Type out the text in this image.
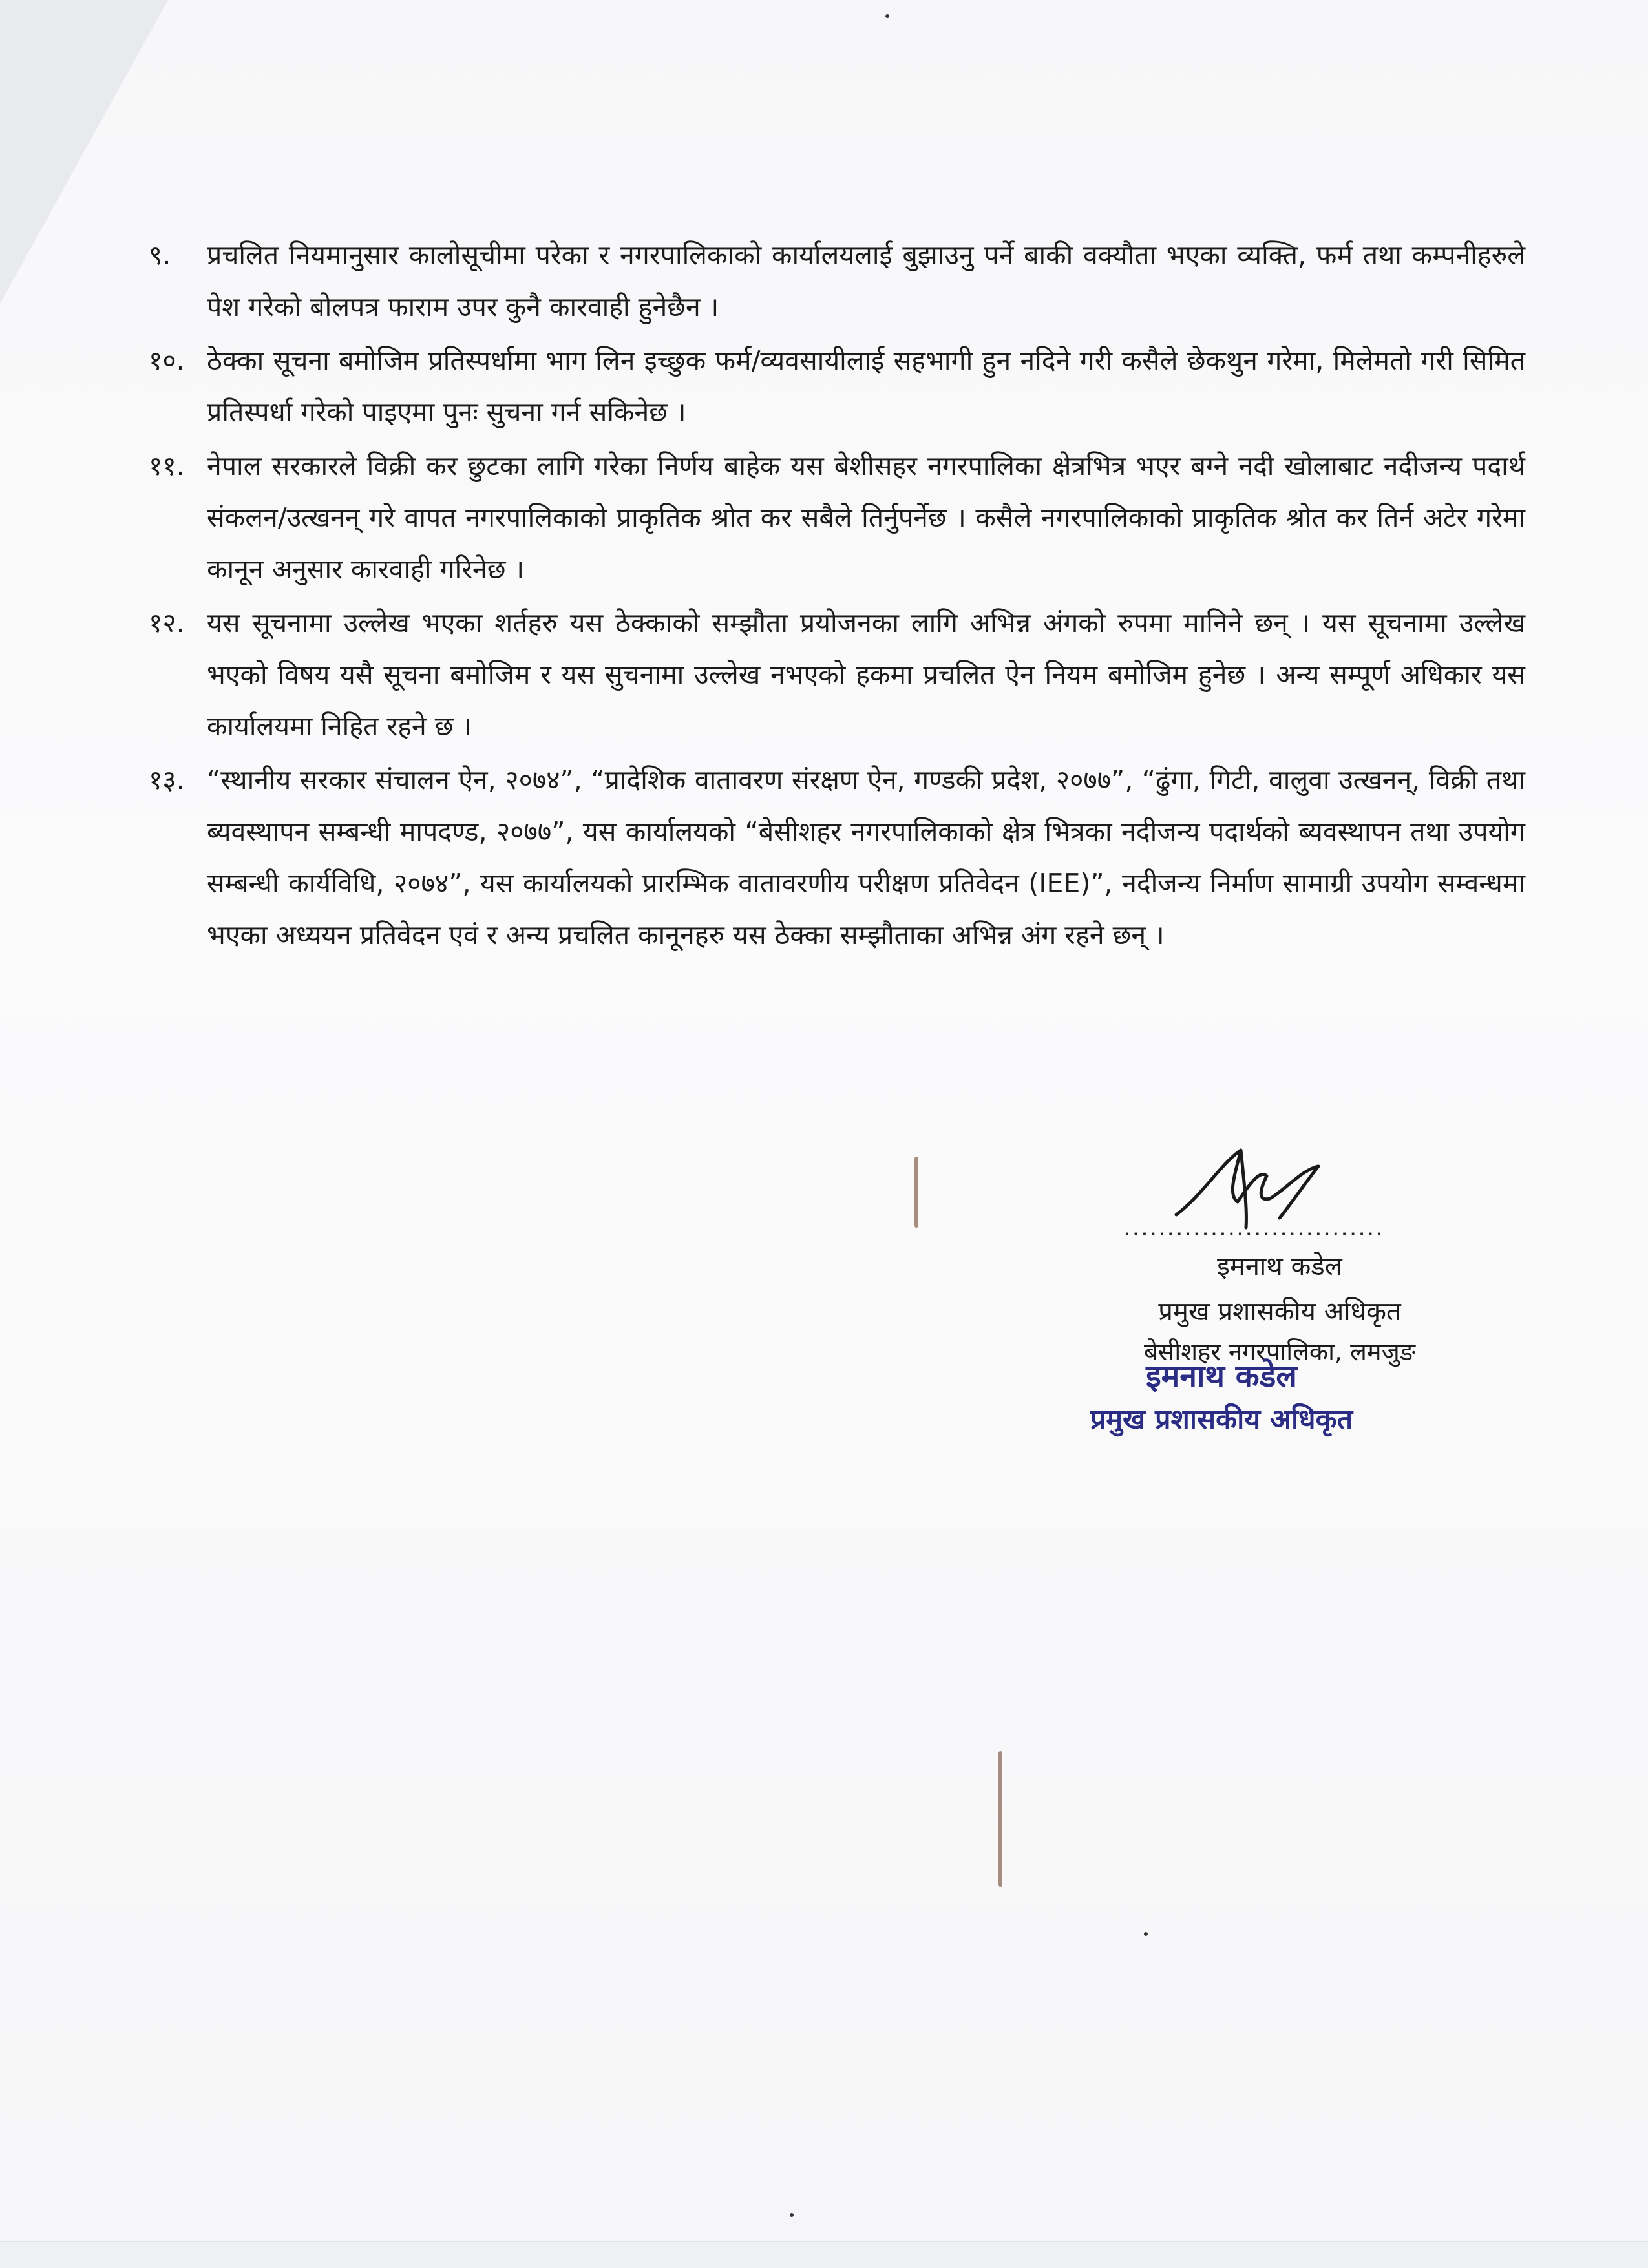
९.	प्रचलित नियमानुसार कालोसूचीमा परेका र नगरपालिकाको कार्यालयलाई बुझाउनु पर्ने बाकी वक्यौता भएका व्यक्ति, फर्म तथा कम्पनीहरुले पेश गरेको बोलपत्र फाराम उपर कुनै कारवाही हुनेछैन ।

१०. ठेक्का सूचना बमोजिम प्रतिस्पर्धामा भाग लिन इच्छुक फर्म/व्यवसायीलाई सहभागी हुन नदिने गरी कसैले छेकथुन गरेमा, मिलेमतो गरी सिमित प्रतिस्पर्धा गरेको पाइएमा पुनः सुचना गर्न सकिनेछ ।

११. नेपाल सरकारले विक्री कर छुटका लागि गरेका निर्णय बाहेक यस बेशीसहर नगरपालिका क्षेत्रभित्र भएर बग्ने नदी खोलाबाट नदीजन्य पदार्थ संकलन/उत्खनन् गरे वापत नगरपालिकाको प्राकृतिक श्रोत कर सबैले तिर्नुपर्नेछ । कसैले नगरपालिकाको प्राकृतिक श्रोत कर तिर्न अटेर गरेमा कानून अनुसार कारवाही गरिनेछ ।

१२. यस सूचनामा उल्लेख भएका शर्तहरु यस ठेक्काको सम्झौता प्रयोजनका लागि अभिन्न अंगको रुपमा मानिने छन् । यस सूचनामा उल्लेख भएको विषय यसै सूचना बमोजिम र यस सुचनामा उल्लेख नभएको हकमा प्रचलित ऐन नियम बमोजिम हुनेछ । अन्य सम्पूर्ण अधिकार यस कार्यालयमा निहित रहने छ ।

१३. “स्थानीय सरकार संचालन ऐन, २०७४”, “प्रादेशिक वातावरण संरक्षण ऐन, गण्डकी प्रदेश, २०७७”, “ढुंगा, गिटी, वालुवा उत्खनन्, विक्री तथा ब्यवस्थापन सम्बन्धी मापदण्ड, २०७७”, यस कार्यालयको “बेसीशहर नगरपालिकाको क्षेत्र भित्रका नदीजन्य पदार्थको ब्यवस्थापन तथा उपयोग सम्बन्धी कार्यविधि, २०७४”, यस कार्यालयको प्रारम्भिक वातावरणीय परीक्षण प्रतिवेदन (IEE)”, नदीजन्य निर्माण सामाग्री उपयोग सम्वन्धमा भएका अध्ययन प्रतिवेदन एवं र अन्य प्रचलित कानूनहरु यस ठेक्का सम्झौताका अभिन्न अंग रहने छन् ।

..............................
इमनाथ कडेल
प्रमुख प्रशासकीय अधिकृत
बेसीशहर नगरपालिका, लमजुङ
इमनाथ कडेल
प्रमुख प्रशासकीय अधिकृत
